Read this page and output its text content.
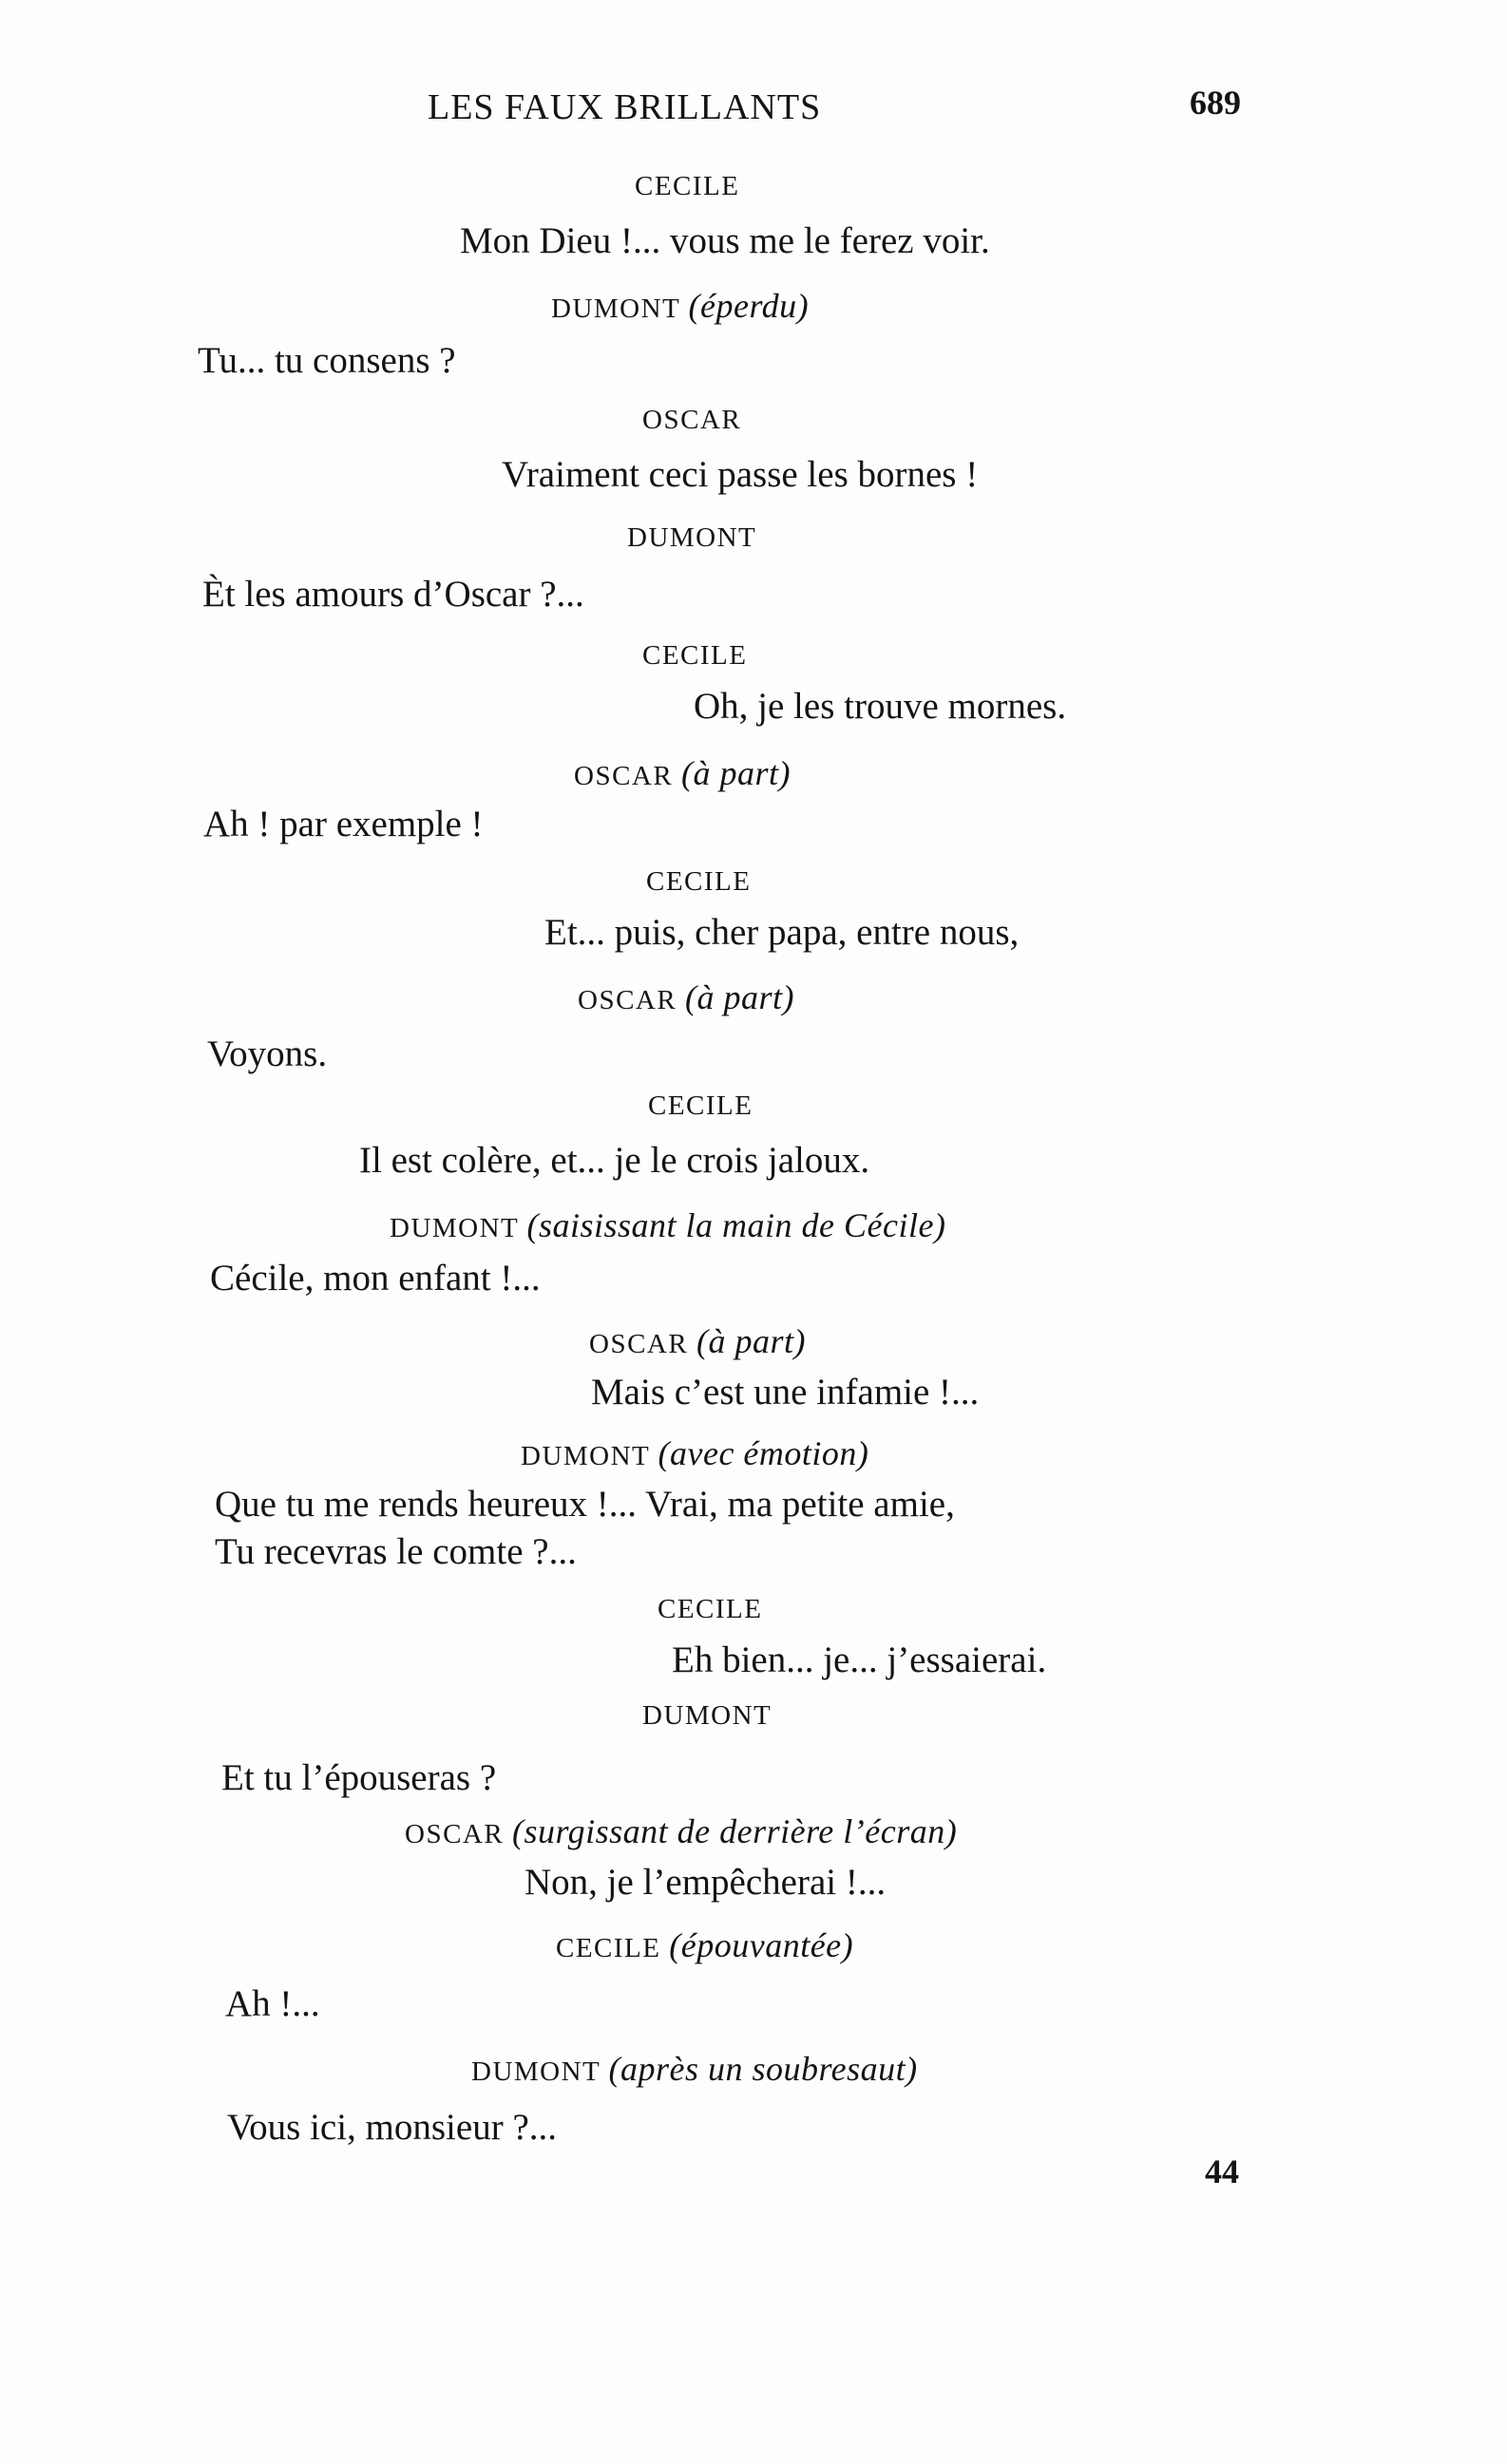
LES FAUX BRILLANTS	689
CECILE
Mon Dieu !... vous me le ferez voir.
DUMONT (éperdu)
Tu... tu consens ?
OSCAR
Vraiment ceci passe les bornes !
DUMONT
Èt les amours d’Oscar ?...
CECILE
Oh, je les trouve mornes.
OSCAR (à part)
Ah ! par exemple !
CECILE
Et... puis, cher papa, entre nous,
OSCAR (à part)
Voyons.
CECILE
Il est colère, et... je le crois jaloux.
DUMONT (saisissant la main de Cécile)
Cécile, mon enfant !...
OSCAR (à part)
Mais c’est une infamie !...
DUMONT (avec émotion)
Que tu me rends heureux !... Vrai, ma petite amie,
Tu recevras le comte ?...
CECILE
Eh bien... je... j’essaierai.
DUMONT
Et tu l’épouseras ?
OSCAR (surgissant de derrière l’écran)
Non, je l’empêcherai !...
CECILE (épouvantée)
Ah !...
DUMONT (après un soubresaut)
Vous ici, monsieur ?...
44
